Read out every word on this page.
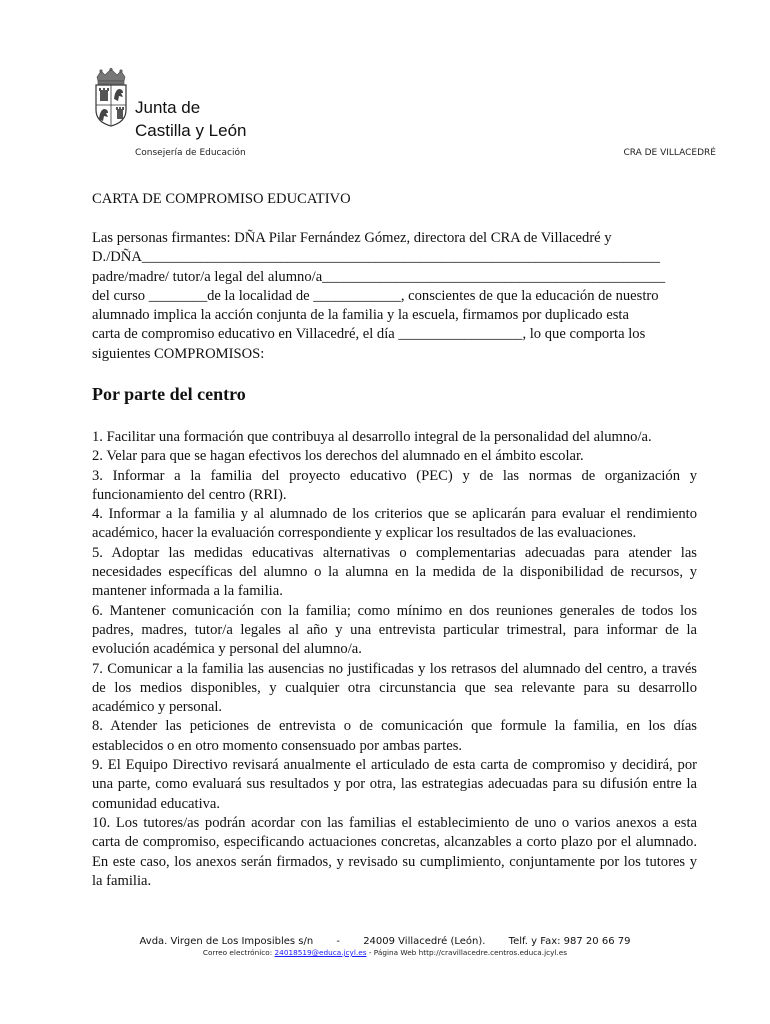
Junta de
Castilla y León
Consejería de Educación	CRA DE VILLACEDRÉ
CARTA DE COMPROMISO EDUCATIVO
Las personas firmantes: DÑA Pilar Fernández Gómez, directora del CRA de Villacedré y
D./DÑA_______________________________________________________________________
padre/madre/ tutor/a legal del alumno/a_______________________________________________
del curso ________de la localidad de ____________, conscientes de que la educación de nuestro
alumnado implica la acción conjunta de la familia y la escuela, firmamos por duplicado esta
carta de compromiso educativo en Villacedré, el día _________________, lo que comporta los
siguientes COMPROMISOS:
Por parte del centro
1. Facilitar una formación que contribuya al desarrollo integral de la personalidad del alumno/a.
2. Velar para que se hagan efectivos los derechos del alumnado en el ámbito escolar.
3. Informar a la familia del proyecto educativo (PEC) y de las normas de organización y funcionamiento del centro (RRI).
4. Informar a la familia y al alumnado de los criterios que se aplicarán para evaluar el rendimiento académico, hacer la evaluación correspondiente y explicar los resultados de las evaluaciones.
5. Adoptar las medidas educativas alternativas o complementarias adecuadas para atender las necesidades específicas del alumno o la alumna en la medida de la disponibilidad de recursos, y mantener informada a la familia.
6. Mantener comunicación con la familia; como mínimo en dos reuniones generales de todos los padres, madres, tutor/a legales al año y una entrevista particular trimestral, para informar de la evolución académica y personal del alumno/a.
7. Comunicar a la familia las ausencias no justificadas y los retrasos del alumnado del centro, a través de los medios disponibles, y cualquier otra circunstancia que sea relevante para su desarrollo académico y personal.
8. Atender las peticiones de entrevista o de comunicación que formule la familia, en los días establecidos o en otro momento consensuado por ambas partes.
9. El Equipo Directivo revisará anualmente el articulado de esta carta de compromiso y decidirá, por una parte, como evaluará sus resultados y por otra, las estrategias adecuadas para su difusión entre la comunidad educativa.
10. Los tutores/as podrán acordar con las familias el establecimiento de uno o varios anexos a esta carta de compromiso, especificando actuaciones concretas, alcanzables a corto plazo por el alumnado. En este caso, los anexos serán firmados, y revisado su cumplimiento, conjuntamente por los tutores y la familia.
Avda. Virgen de Los Imposibles s/n - 24009 Villacedré (León). Telf. y Fax: 987 20 66 79
Correo electrónico: 24018519@educa.jcyl.es - Página Web http://cravillacedre.centros.educa.jcyl.es
